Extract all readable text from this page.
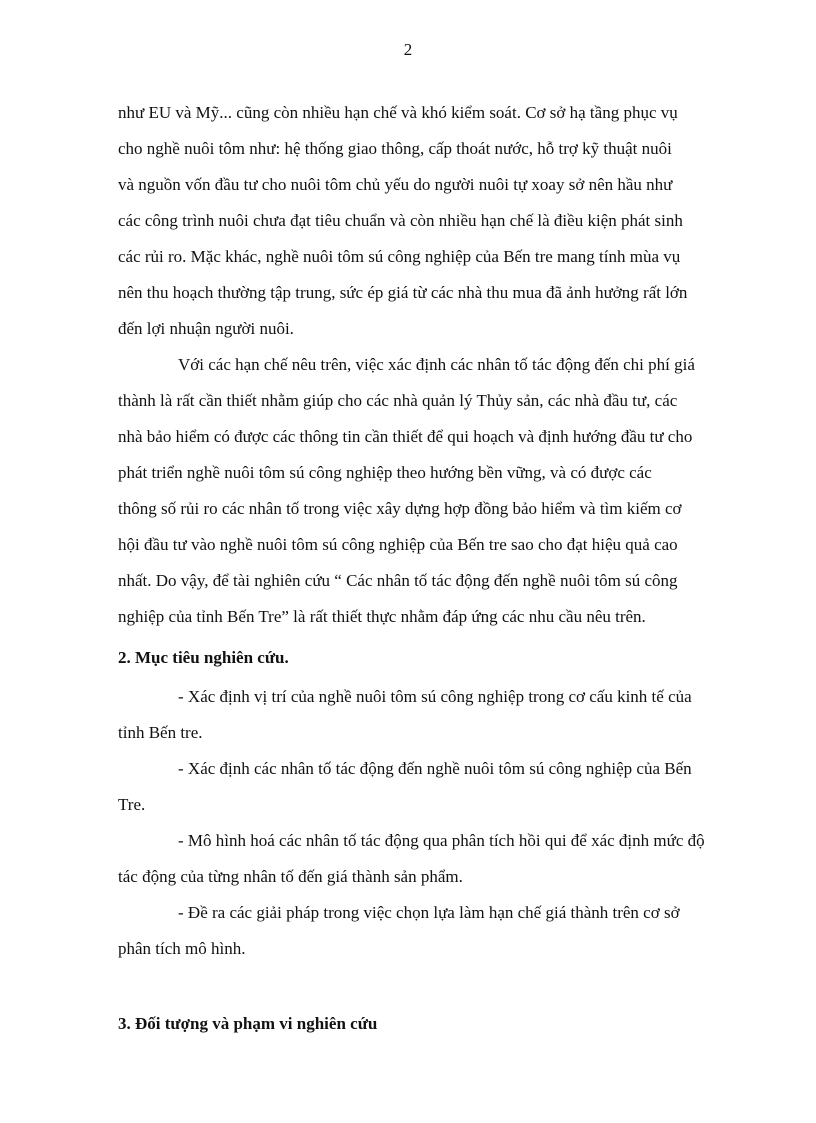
2
như EU và Mỹ... cũng còn nhiều hạn chế và khó kiểm soát. Cơ sở hạ tầng phục vụ
cho nghề nuôi tôm như: hệ thống giao thông, cấp thoát nước, hỗ trợ kỹ thuật nuôi
và nguồn vốn đầu tư cho nuôi tôm chủ yếu do người nuôi tự xoay sở nên hầu như
các công trình nuôi chưa đạt tiêu chuẩn và còn nhiều hạn chế là điều kiện phát sinh
các rủi ro. Mặc khác, nghề nuôi tôm sú công nghiệp của Bến tre mang tính mùa vụ
nên thu hoạch thường tập trung, sức ép giá từ các nhà thu mua đã ảnh hưởng rất lớn
đến lợi nhuận người nuôi.
Với các hạn chế nêu trên, việc xác định các nhân tố tác động đến chi phí giá
thành là rất cần thiết nhằm giúp cho các nhà quản lý Thủy sản, các nhà đầu tư, các
nhà bảo hiểm có được các thông tin cần thiết để qui hoạch và định hướng đầu tư cho
phát triển nghề nuôi tôm sú công nghiệp theo hướng bền vững, và có được các
thông số rủi ro các nhân tố trong việc xây dựng hợp đồng bảo hiểm và tìm kiếm cơ
hội đầu tư vào nghề nuôi tôm sú công nghiệp của Bến tre sao cho đạt hiệu quả cao
nhất. Do vậy, để tài nghiên cứu “ Các nhân tố tác động đến nghề nuôi tôm sú công
nghiệp của tỉnh Bến Tre” là rất thiết thực nhằm đáp ứng các nhu cầu nêu trên.
2. Mục tiêu nghiên cứu.
- Xác định vị trí của nghề nuôi tôm sú công nghiệp trong cơ cấu kinh tế của
tỉnh Bến tre.
- Xác định các nhân tố tác động đến nghề nuôi tôm sú công nghiệp của Bến
Tre.
- Mô hình hoá các nhân tố tác động qua phân tích hồi qui để xác định mức độ
tác động của từng nhân tố đến giá thành sản phẩm.
- Đề ra các giải pháp trong việc chọn lựa làm hạn chế giá thành trên cơ sở
phân tích mô hình.
3. Đối tượng và phạm vi nghiên cứu
